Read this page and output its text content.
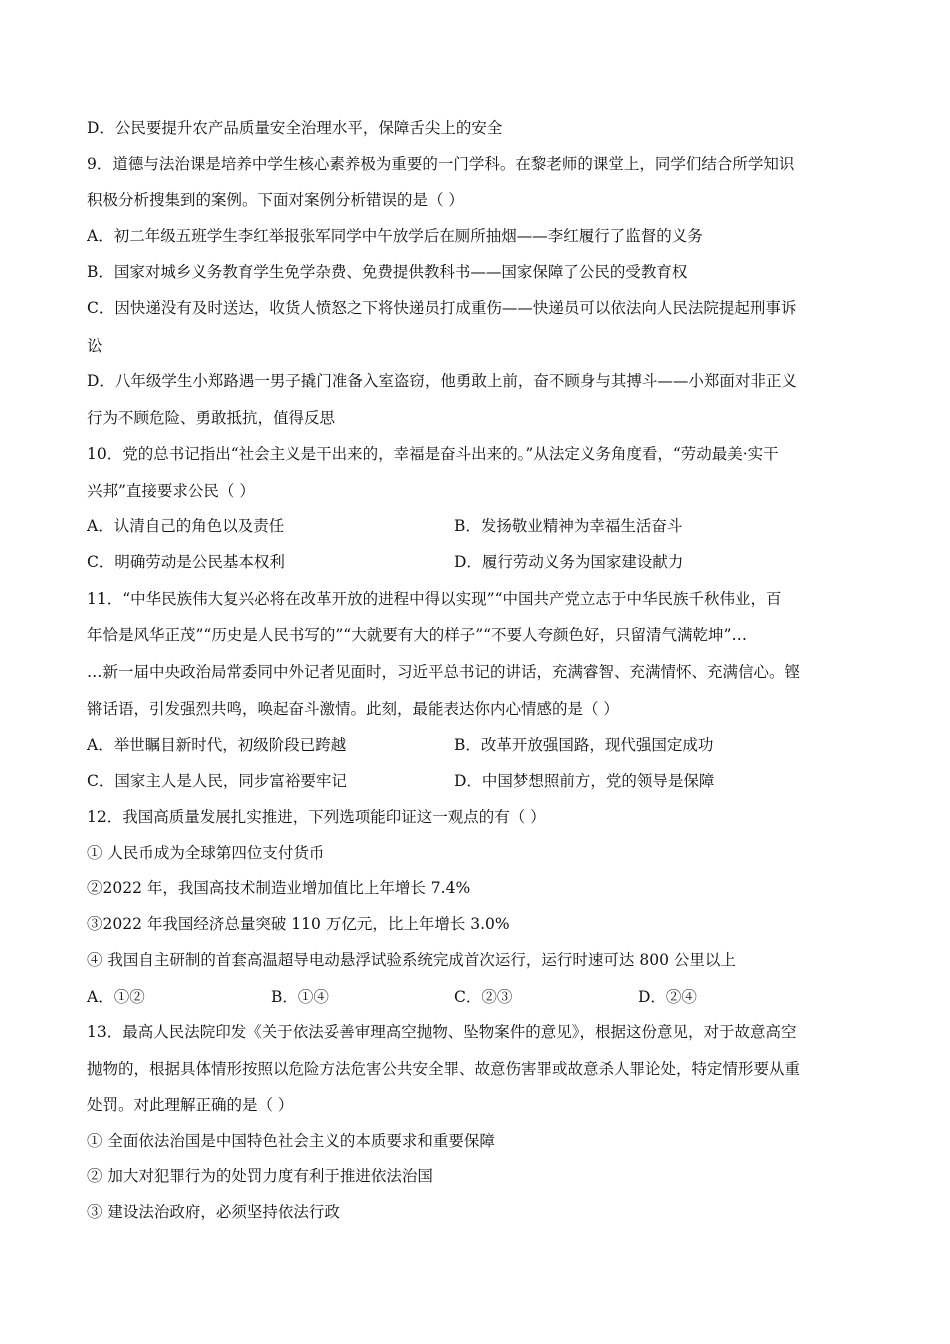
D．公民要提升农产品质量安全治理水平，保障舌尖上的安全
9．道德与法治课是培养中学生核心素养极为重要的一门学科。在黎老师的课堂上，同学们结合所学知识
积极分析搜集到的案例。下面对案例分析错误的是（ ）
A．初二年级五班学生李红举报张军同学中午放学后在厕所抽烟——李红履行了监督的义务
B．国家对城乡义务教育学生免学杂费、免费提供教科书——国家保障了公民的受教育权
C．因快递没有及时送达，收货人愤怒之下将快递员打成重伤——快递员可以依法向人民法院提起刑事诉
讼
D．八年级学生小郑路遇一男子撬门准备入室盗窃，他勇敢上前，奋不顾身与其搏斗——小郑面对非正义
行为不顾危险、勇敢抵抗，值得反思
10．党的总书记指出“社会主义是干出来的，幸福是奋斗出来的。”从法定义务角度看，“劳动最美·实干
兴邦”直接要求公民（ ）
A．认清自己的角色以及责任	B．发扬敬业精神为幸福生活奋斗
C．明确劳动是公民基本权利	D．履行劳动义务为国家建设献力
11．“中华民族伟大复兴必将在改革开放的进程中得以实现”“中国共产党立志于中华民族千秋伟业，百
年恰是风华正茂”“历史是人民书写的”“大就要有大的样子”“不要人夸颜色好，只留清气满乾坤”…
…新一届中央政治局常委同中外记者见面时，习近平总书记的讲话，充满睿智、充满情怀、充满信心。铿
锵话语，引发强烈共鸣，唤起奋斗激情。此刻，最能表达你内心情感的是（ ）
A．举世瞩目新时代，初级阶段已跨越	B．改革开放强国路，现代强国定成功
C．国家主人是人民，同步富裕要牢记	D．中国梦想照前方，党的领导是保障
12．我国高质量发展扎实推进，下列选项能印证这一观点的有（ ）
① 人民币成为全球第四位支付货币
②2022 年，我国高技术制造业增加值比上年增长 7.4%
③2022 年我国经济总量突破 110 万亿元，比上年增长 3.0%
④ 我国自主研制的首套高温超导电动悬浮试验系统完成首次运行，运行时速可达 800 公里以上
A．①②	B．①④	C．②③	D．②④
13．最高人民法院印发《关于依法妥善审理高空抛物、坠物案件的意见》，根据这份意见，对于故意高空
抛物的，根据具体情形按照以危险方法危害公共安全罪、故意伤害罪或故意杀人罪论处，特定情形要从重
处罚。对此理解正确的是（ ）
① 全面依法治国是中国特色社会主义的本质要求和重要保障
② 加大对犯罪行为的处罚力度有利于推进依法治国
③ 建设法治政府，必须坚持依法行政
